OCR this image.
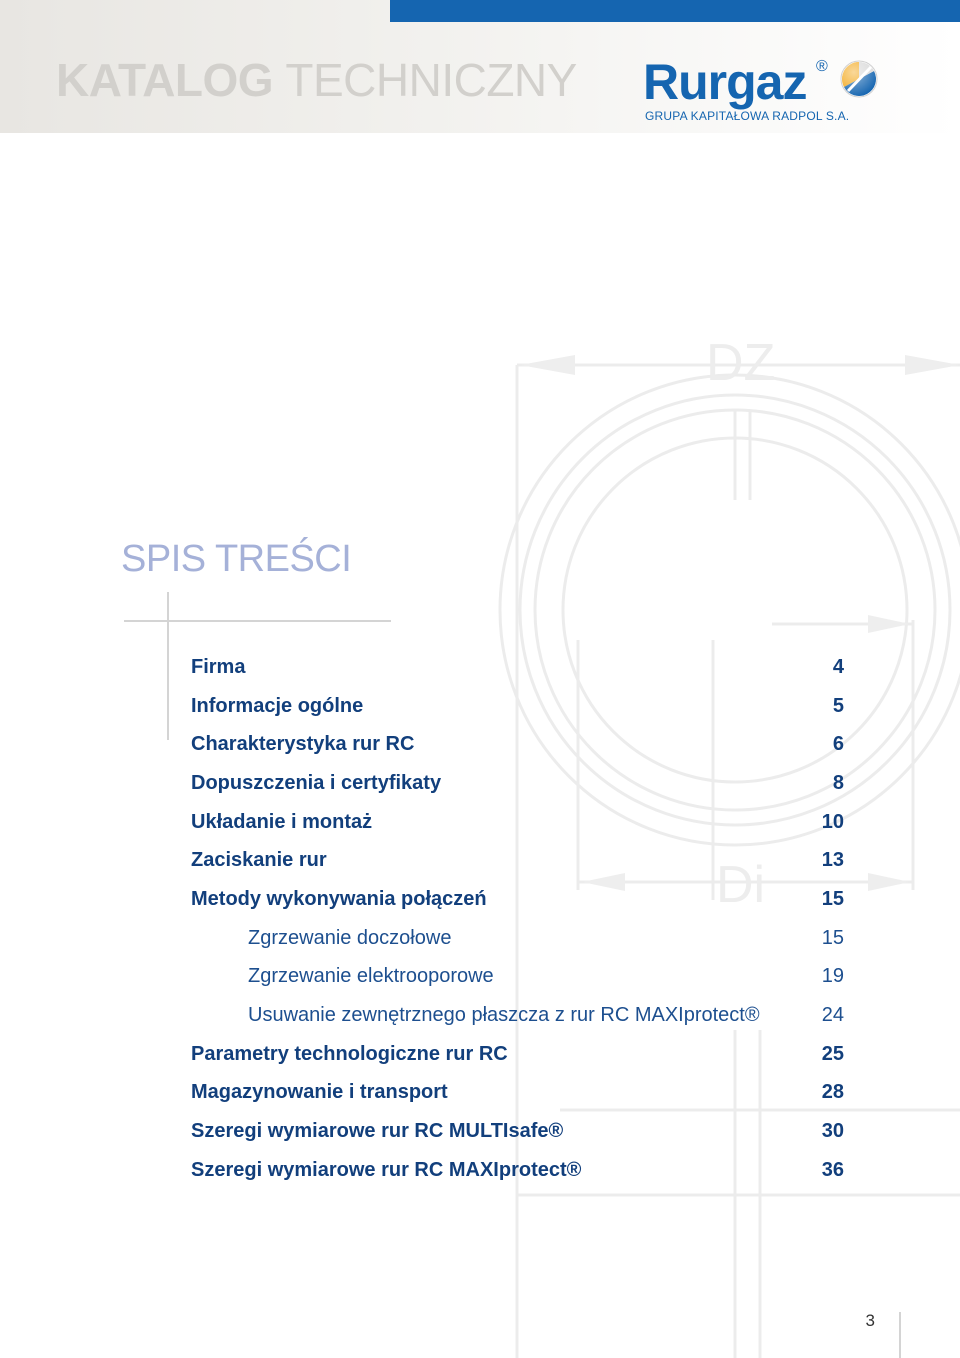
KATALOG TECHNICZNY Rurgaz ®
GRUPA KAPITAŁOWA RADPOL S.A.
DZ
Di
SPIS TREŚCI
Firma	4
Informacje ogólne	5
Charakterystyka rur RC	6
Dopuszczenia i certyfikaty	8
Układanie i montaż	10
Zaciskanie rur	13
Metody wykonywania połączeń	15
Zgrzewanie doczołowe	15
Zgrzewanie elektrooporowe	19
Usuwanie zewnętrznego płaszcza z rur RC MAXIprotect®	24
Parametry technologiczne rur RC	25
Magazynowanie i transport	28
Szeregi wymiarowe rur RC MULTIsafe®	30
Szeregi wymiarowe rur RC MAXIprotect®	36
3
